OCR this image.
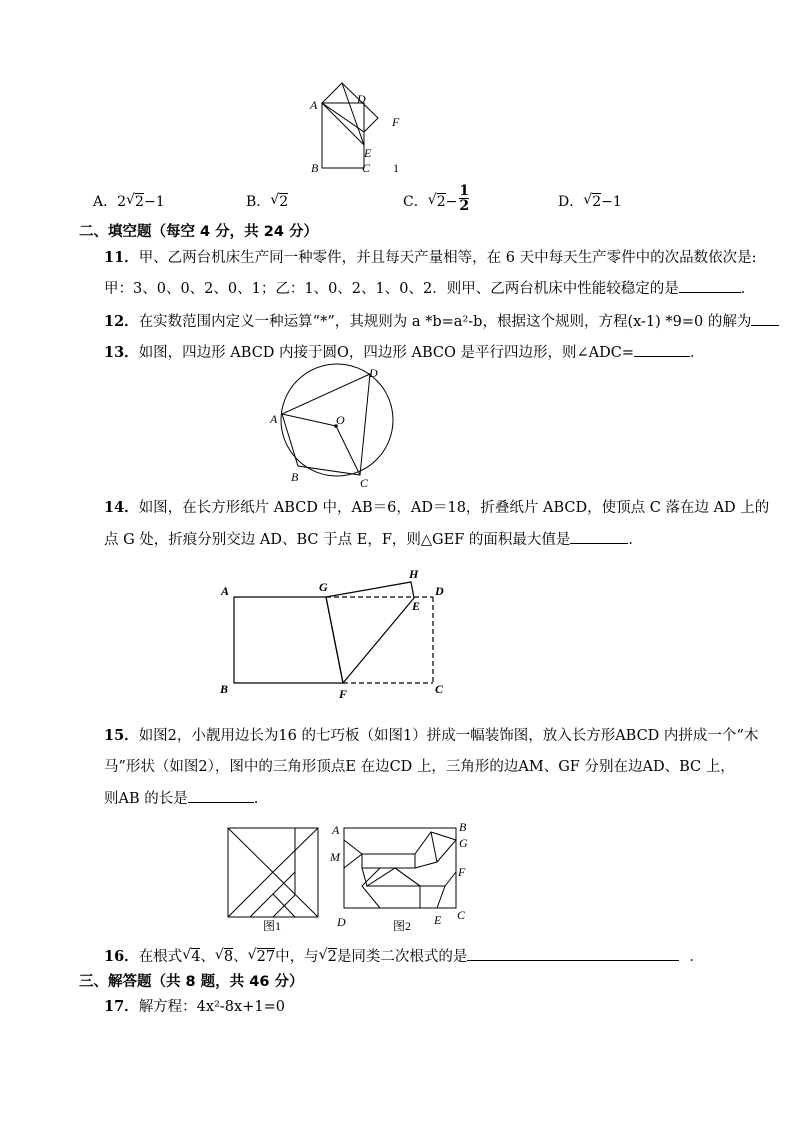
A	D
F
E
B	C 1
A．2 √ 2−1	B． √ 2	C． √ $2- \frac{1}{2}$	D． √ 2−1
二、填空题（每空 4 分，共 24 分）
11．甲、乙两台机床生产同一种零件，并且每天产量相等，在 6 天中每天生产零件中的次品数依次是:
甲：3、0、0、2、0、1；乙：1、0、2、1、0、2．则甲、乙两台机床中性能较稳定的是	．
12．在实数范围内定义一种运算“*”，其规则为 a *b=a²-b，根据这个规则，方程(x-1) *9=0 的解为
13．如图，四边形 ABCD 内接于圆O，四边形 ABCO 是平行四边形，则∠ADC=	．
A
B	C
D
O
14．如图，在长方形纸片 ABCD 中，AB＝6，AD＝18，折叠纸片 ABCD，使顶点 C 落在边 AD 上的
点 G 处，折痕分别交边 AD、BC 于点 E，F，则△GEF 的面积最大值是	．
A
B	C
D
E
F
G
H
15．如图2，小靓用边长为16 的七巧板（如图1）拼成一幅装饰图，放入长方形ABCD 内拼成一个“木
马”形状（如图2），图中的三角形顶点E 在边CD 上，三角形的边AM、GF 分别在边AD、BC 上，
则AB 的长是	.
图1
A	B
G
M
F
D	E C
图2
16．在根式 √ 4、 √ 8、 √ 27中，与 √ 2是同类二次根式的是	．
三、解答题（共 8 题，共 46 分）
17．解方程：4x²-8x+1=0
